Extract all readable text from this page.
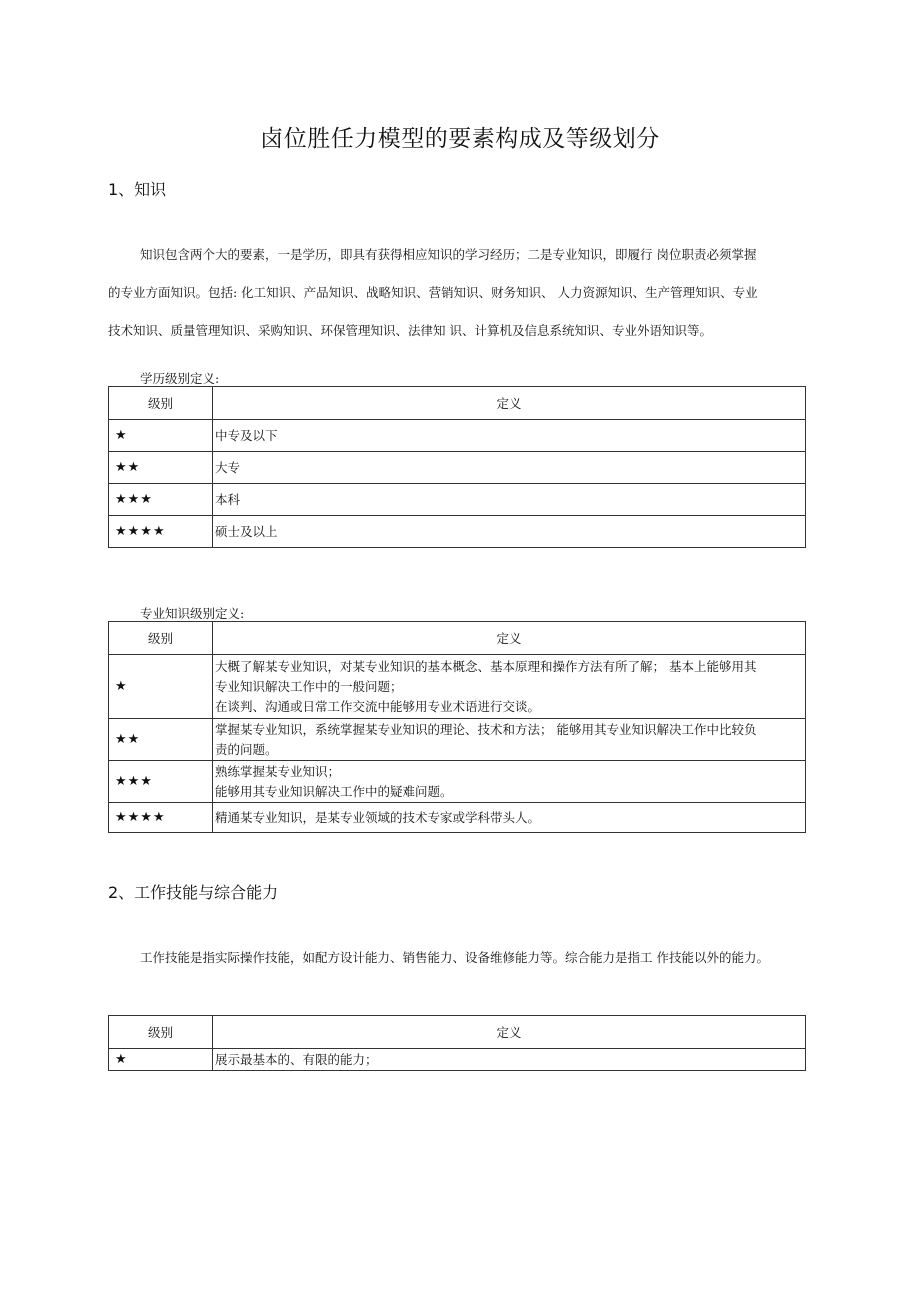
卤位胜任力模型的要素构成及等级划分
1、知识
知识包含两个大的要素，一是学历，即具有获得相应知识的学习经历；二是专业知识，即履行 岗位职责必须掌握
的专业方面知识。包括: 化工知识、产品知识、战略知识、营销知识、财务知识、 人力资源知识、生产管理知识、专业
技术知识、质量管理知识、采购知识、环保管理知识、法律知 识、计算机及信息系统知识、专业外语知识等。
学历级别定义:
级别	定义
★	中专及以下
★★	大专
★★★	本科
★★★★	硕士及以上
专业知识级别定义:
级别	定义
★	大概了解某专业知识，对某专业知识的基本概念、基本原理和操作方法有所了解； 基本上能够用其
专业知识解决工作中的一般问题；
在谈判、沟通或日常工作交流中能够用专业术语进行交谈。

★★	掌握某专业知识，系统掌握某专业知识的理论、技术和方法； 能够用其专业知识解决工作中比较负
责的问题。

★★★	熟练掌握某专业知识；
能够用其专业知识解决工作中的疑难问题。

★★★★	精通某专业知识，是某专业领域的技术专家或学科带头人。
2、工作技能与综合能力
工作技能是指实际操作技能，如配方设计能力、销售能力、设备维修能力等。综合能力是指工 作技能以外的能力。
级别	定义
★	展示最基本的、有限的能力；
